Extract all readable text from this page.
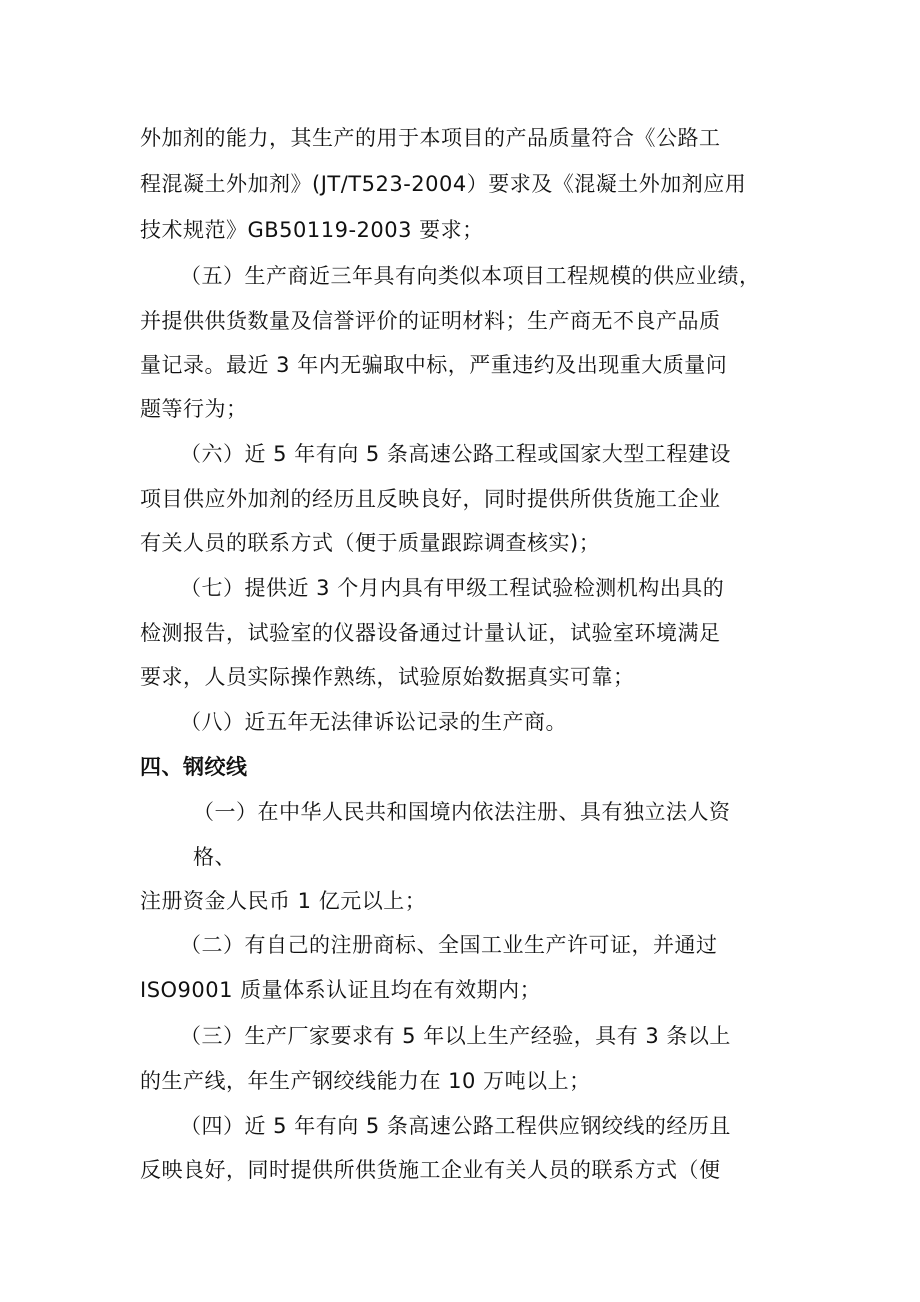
外加剂的能力，其生产的用于本项目的产品质量符合《公路工
程混凝土外加剂》(JT/T523-2004）要求及《混凝土外加剂应用
技术规范》GB50119-2003 要求；
（五）生产商近三年具有向类似本项目工程规模的供应业绩，
并提供供货数量及信誉评价的证明材料；生产商无不良产品质
量记录。最近 3 年内无骗取中标，严重违约及出现重大质量问
题等行为；
（六）近 5 年有向 5 条高速公路工程或国家大型工程建设
项目供应外加剂的经历且反映良好，同时提供所供货施工企业
有关人员的联系方式（便于质量跟踪调查核实)；
（七）提供近 3 个月内具有甲级工程试验检测机构出具的
检测报告，试验室的仪器设备通过计量认证，试验室环境满足
要求，人员实际操作熟练，试验原始数据真实可靠；
（八）近五年无法律诉讼记录的生产商。
四、钢绞线
（一）在中华人民共和国境内依法注册、具有独立法人资
格、
注册资金人民币 1 亿元以上；
（二）有自己的注册商标、全国工业生产许可证，并通过
ISO9001 质量体系认证且均在有效期内；
（三）生产厂家要求有 5 年以上生产经验，具有 3 条以上
的生产线，年生产钢绞线能力在 10 万吨以上；
（四）近 5 年有向 5 条高速公路工程供应钢绞线的经历且
反映良好，同时提供所供货施工企业有关人员的联系方式（便
